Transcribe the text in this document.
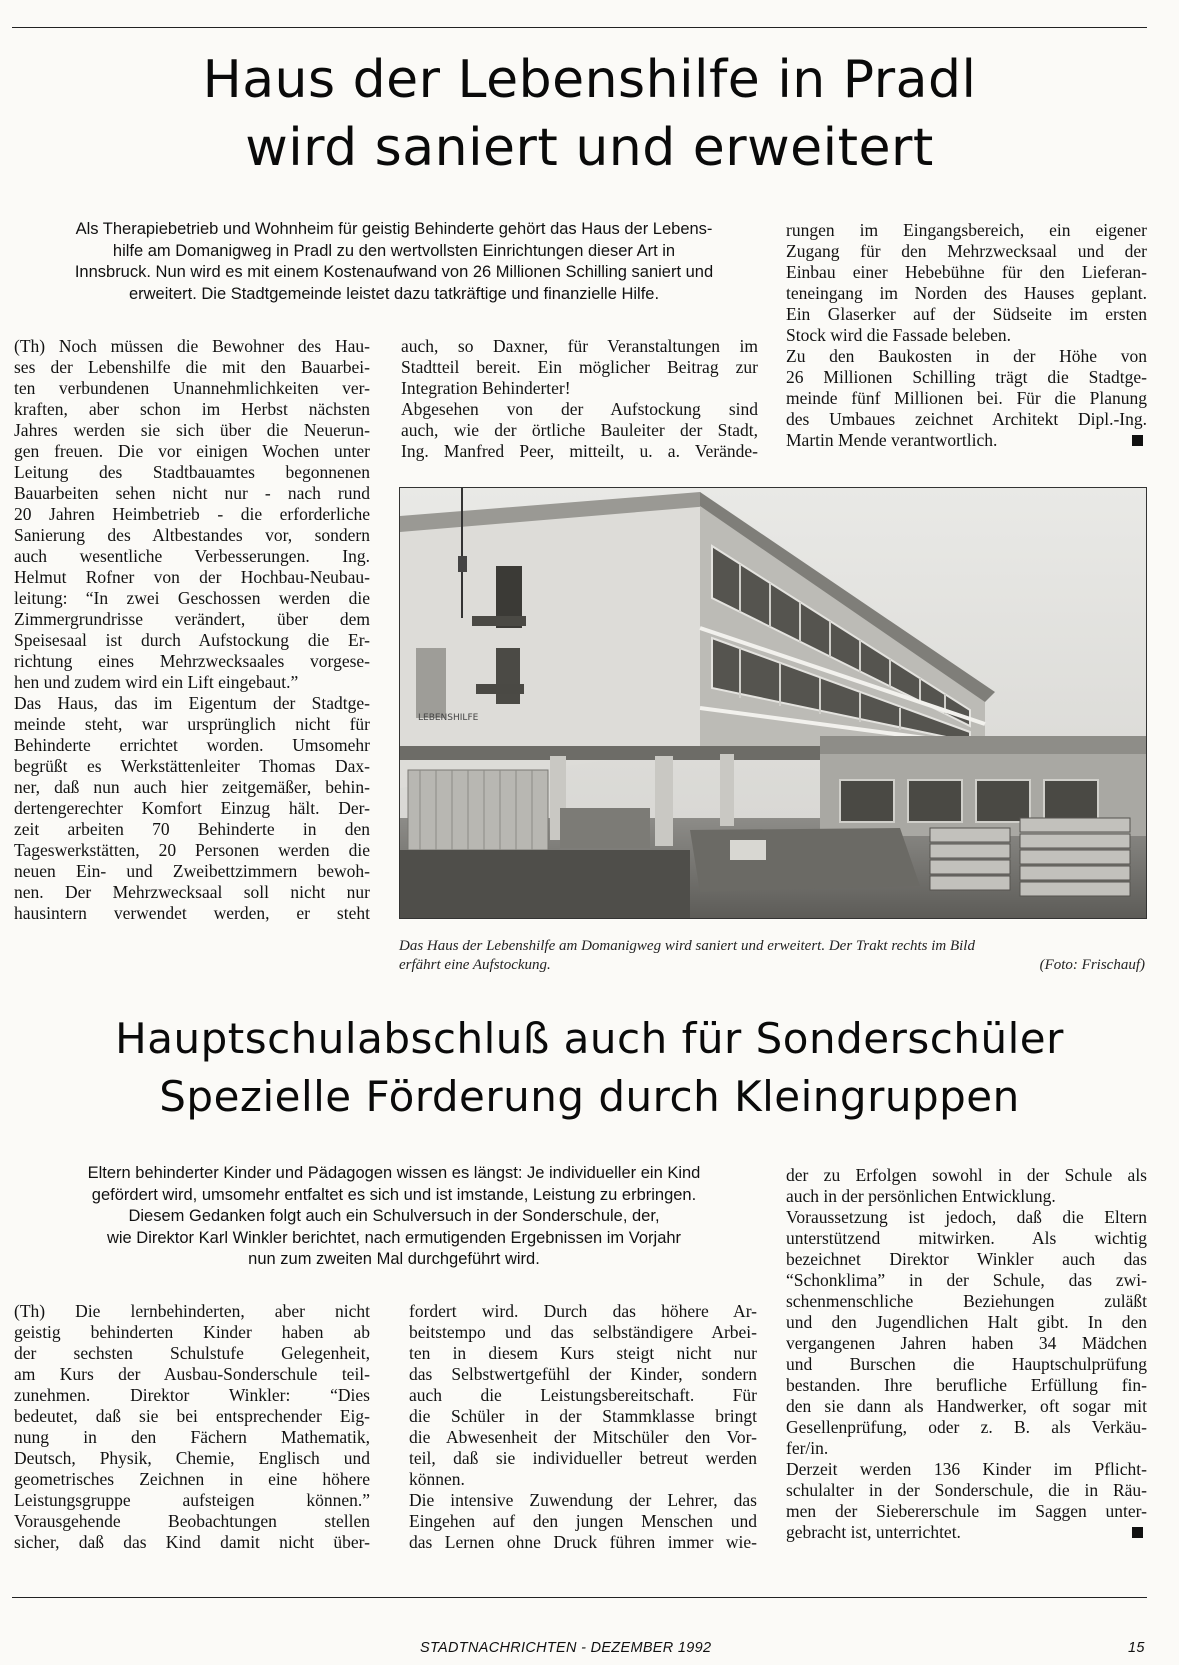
Haus der Lebenshilfe in Pradl
wird saniert und erweitert
Als Therapiebetrieb und Wohnheim für geistig Behinderte gehört das Haus der Lebens-
hilfe am Domanigweg in Pradl zu den wertvollsten Einrichtungen dieser Art in
Innsbruck. Nun wird es mit einem Kostenaufwand von 26 Millionen Schilling saniert und
erweitert. Die Stadtgemeinde leistet dazu tatkräftige und finanzielle Hilfe.
(Th) Noch müssen die Bewohner des Hau-
ses der Lebenshilfe die mit den Bauarbei-
ten verbundenen Unannehmlichkeiten ver-
kraften, aber schon im Herbst nächsten
Jahres werden sie sich über die Neuerun-
gen freuen. Die vor einigen Wochen unter
Leitung des Stadtbauamtes begonnenen
Bauarbeiten sehen nicht nur - nach rund
20 Jahren Heimbetrieb - die erforderliche
Sanierung des Altbestandes vor, sondern
auch wesentliche Verbesserungen. Ing.
Helmut Rofner von der Hochbau-Neubau-
leitung: “In zwei Geschossen werden die
Zimmergrundrisse verändert, über dem
Speisesaal ist durch Aufstockung die Er-
richtung eines Mehrzwecksaales vorgese-
hen und zudem wird ein Lift eingebaut.”
Das Haus, das im Eigentum der Stadtge-
meinde steht, war ursprünglich nicht für
Behinderte errichtet worden. Umsomehr
begrüßt es Werkstättenleiter Thomas Dax-
ner, daß nun auch hier zeitgemäßer, behin-
dertengerechter Komfort Einzug hält. Der-
zeit arbeiten 70 Behinderte in den
Tageswerkstätten, 20 Personen werden die
neuen Ein- und Zweibettzimmern bewoh-
nen. Der Mehrzwecksaal soll nicht nur
hausintern verwendet werden, er steht
auch, so Daxner, für Veranstaltungen im
Stadtteil bereit. Ein möglicher Beitrag zur
Integration Behinderter!
Abgesehen von der Aufstockung sind
auch, wie der örtliche Bauleiter der Stadt,
Ing. Manfred Peer, mitteilt, u. a. Verände-
rungen im Eingangsbereich, ein eigener
Zugang für den Mehrzwecksaal und der
Einbau einer Hebebühne für den Lieferan-
teneingang im Norden des Hauses geplant.
Ein Glaserker auf der Südseite im ersten
Stock wird die Fassade beleben.
Zu den Baukosten in der Höhe von
26 Millionen Schilling trägt die Stadtge-
meinde fünf Millionen bei. Für die Planung
des Umbaues zeichnet Architekt Dipl.-Ing.
Martin Mende verantwortlich.
LEBENSHILFE
Das Haus der Lebenshilfe am Domanigweg wird saniert und erweitert. Der Trakt rechts im Bild
erfährt eine Aufstockung.	(Foto: Frischauf)
Hauptschulabschluß auch für Sonderschüler
Spezielle Förderung durch Kleingruppen
Eltern behinderter Kinder und Pädagogen wissen es längst: Je individueller ein Kind
gefördert wird, umsomehr entfaltet es sich und ist imstande, Leistung zu erbringen.
Diesem Gedanken folgt auch ein Schulversuch in der Sonderschule, der,
wie Direktor Karl Winkler berichtet, nach ermutigenden Ergebnissen im Vorjahr
nun zum zweiten Mal durchgeführt wird.
(Th) Die lernbehinderten, aber nicht
geistig behinderten Kinder haben ab
der sechsten Schulstufe Gelegenheit,
am Kurs der Ausbau-Sonderschule teil-
zunehmen. Direktor Winkler: “Dies
bedeutet, daß sie bei entsprechender Eig-
nung in den Fächern Mathematik,
Deutsch, Physik, Chemie, Englisch und
geometrisches Zeichnen in eine höhere
Leistungsgruppe aufsteigen können.”
Vorausgehende Beobachtungen stellen
sicher, daß das Kind damit nicht über-
fordert wird. Durch das höhere Ar-
beitstempo und das selbständigere Arbei-
ten in diesem Kurs steigt nicht nur
das Selbstwertgefühl der Kinder, sondern
auch die Leistungsbereitschaft. Für
die Schüler in der Stammklasse bringt
die Abwesenheit der Mitschüler den Vor-
teil, daß sie individueller betreut werden
können.
Die intensive Zuwendung der Lehrer, das
Eingehen auf den jungen Menschen und
das Lernen ohne Druck führen immer wie-
der zu Erfolgen sowohl in der Schule als
auch in der persönlichen Entwicklung.
Voraussetzung ist jedoch, daß die Eltern
unterstützend mitwirken. Als wichtig
bezeichnet Direktor Winkler auch das
“Schonklima” in der Schule, das zwi-
schenmenschliche Beziehungen zuläßt
und den Jugendlichen Halt gibt. In den
vergangenen Jahren haben 34 Mädchen
und Burschen die Hauptschulprüfung
bestanden. Ihre berufliche Erfüllung fin-
den sie dann als Handwerker, oft sogar mit
Gesellenprüfung, oder z. B. als Verkäu-
fer/in.
Derzeit werden 136 Kinder im Pflicht-
schulalter in der Sonderschule, die in Räu-
men der Siebererschule im Saggen unter-
gebracht ist, unterrichtet.
STADTNACHRICHTEN - DEZEMBER 1992	15
